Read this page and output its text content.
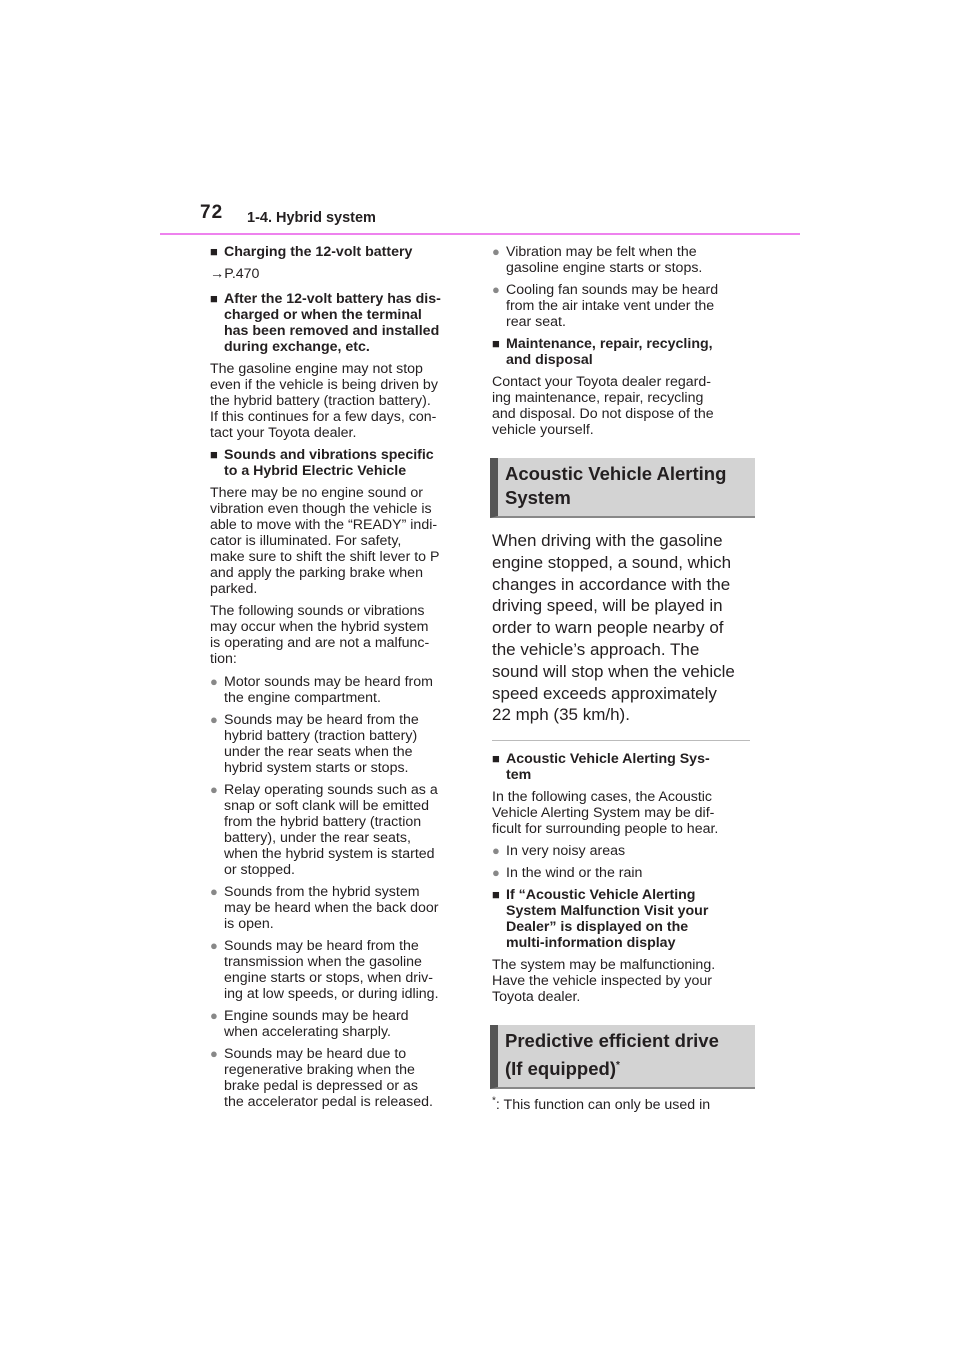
72 1-4. Hybrid system
■ Charging the 12-volt battery
→P.470
■ After the 12-volt battery has dis-
charged or when the terminal
has been removed and installed
during exchange, etc.
The gasoline engine may not stop
even if the vehicle is being driven by
the hybrid battery (traction battery).
If this continues for a few days, con-
tact your Toyota dealer.
■ Sounds and vibrations specific
to a Hybrid Electric Vehicle
There may be no engine sound or
vibration even though the vehicle is
able to move with the “READY” indi-
cator is illuminated. For safety,
make sure to shift the shift lever to P
and apply the parking brake when
parked.
The following sounds or vibrations
may occur when the hybrid system
is operating and are not a malfunc-
tion:
● Motor sounds may be heard from
the engine compartment.
● Sounds may be heard from the
hybrid battery (traction battery)
under the rear seats when the
hybrid system starts or stops.
● Relay operating sounds such as a
snap or soft clank will be emitted
from the hybrid battery (traction
battery), under the rear seats,
when the hybrid system is started
or stopped.
● Sounds from the hybrid system
may be heard when the back door
is open.
● Sounds may be heard from the
transmission when the gasoline
engine starts or stops, when driv-
ing at low speeds, or during idling.
● Engine sounds may be heard
when accelerating sharply.
● Sounds may be heard due to
regenerative braking when the
brake pedal is depressed or as
the accelerator pedal is released.
● Vibration may be felt when the
gasoline engine starts or stops.
● Cooling fan sounds may be heard
from the air intake vent under the
rear seat.
■ Maintenance, repair, recycling,
and disposal
Contact your Toyota dealer regard-
ing maintenance, repair, recycling
and disposal. Do not dispose of the
vehicle yourself.
Acoustic Vehicle Alerting
System
When driving with the gasoline
engine stopped, a sound, which
changes in accordance with the
driving speed, will be played in
order to warn people nearby of
the vehicle’s approach. The
sound will stop when the vehicle
speed exceeds approximately
22 mph (35 km/h).
■ Acoustic Vehicle Alerting Sys-
tem
In the following cases, the Acoustic
Vehicle Alerting System may be dif-
ficult for surrounding people to hear.
● In very noisy areas
● In the wind or the rain
■ If “Acoustic Vehicle Alerting
System Malfunction Visit your
Dealer” is displayed on the
multi-information display
The system may be malfunctioning.
Have the vehicle inspected by your
Toyota dealer.
Predictive efficient drive
(If equipped)*
*: This function can only be used in
